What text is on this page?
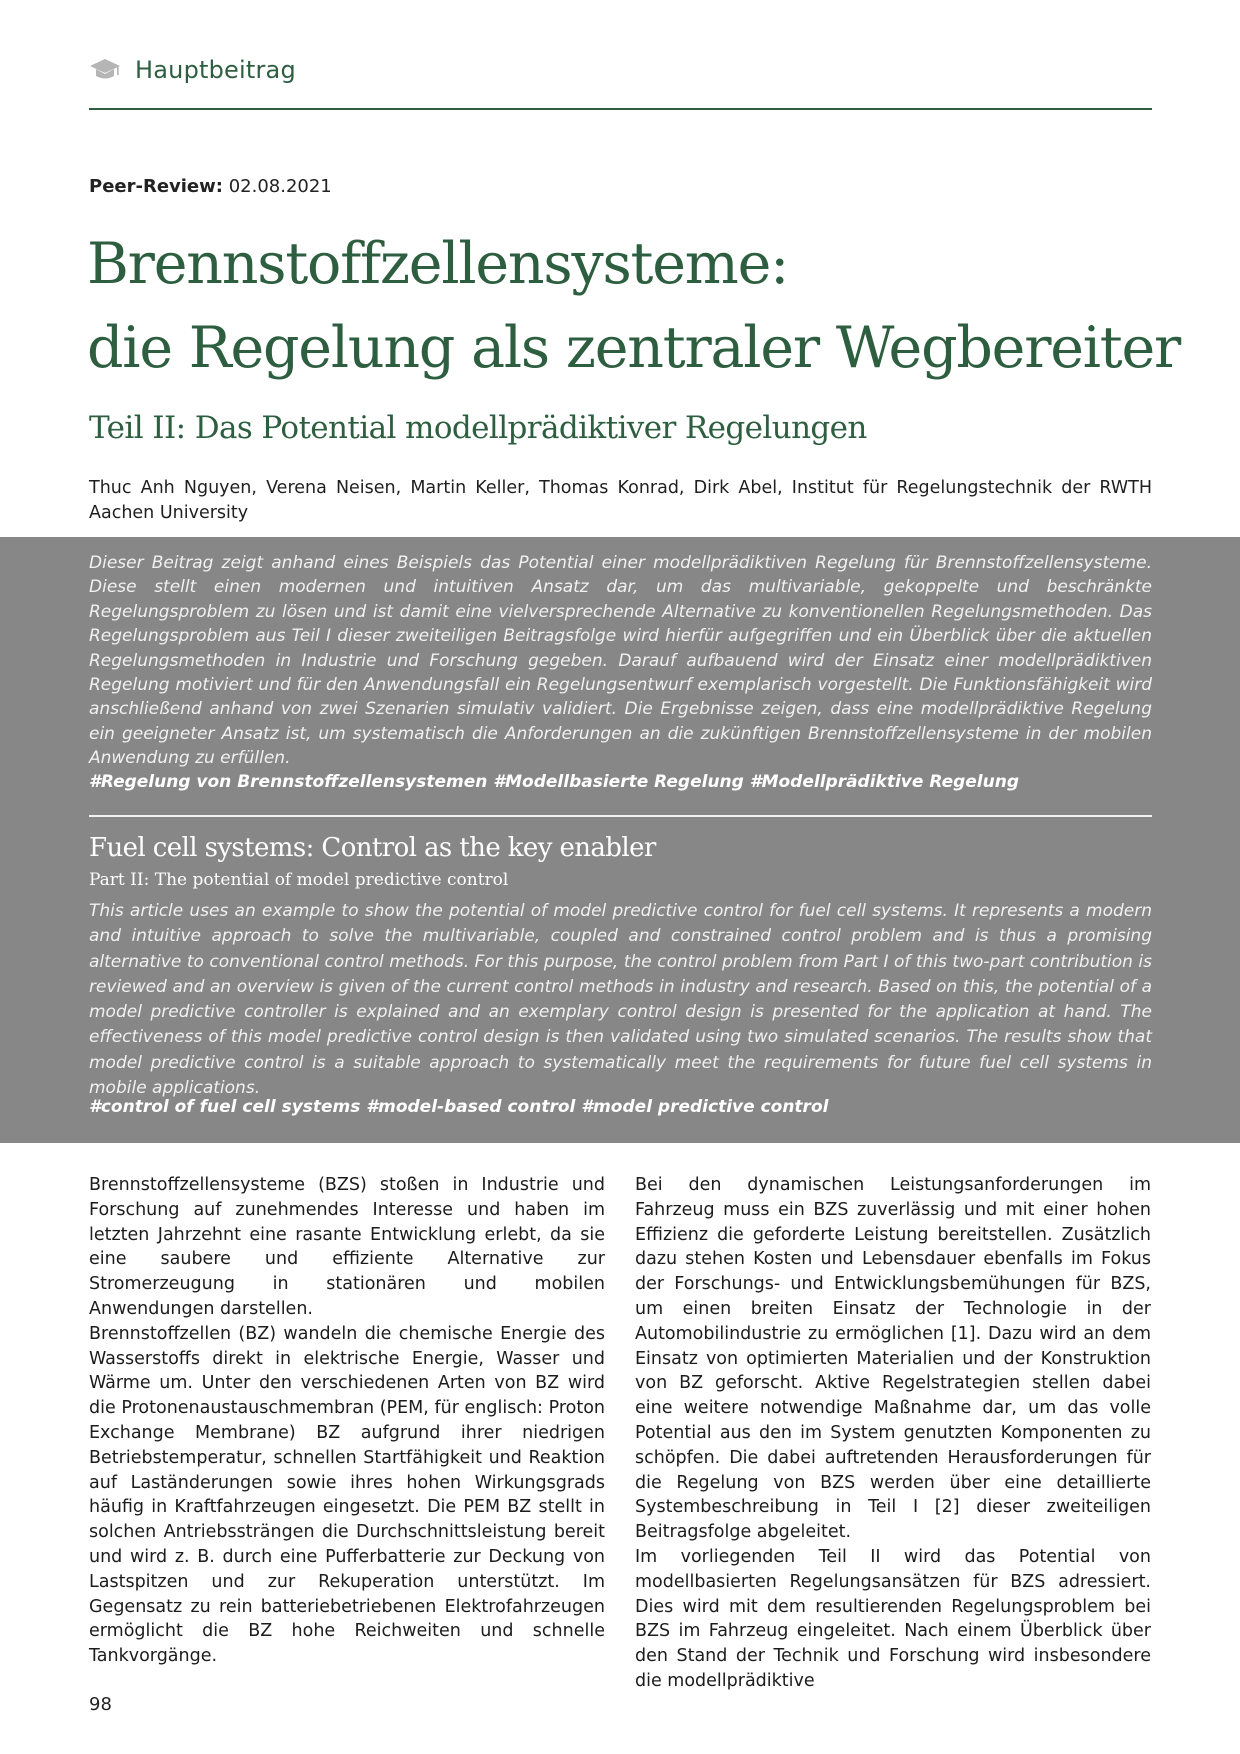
Hauptbeitrag
Peer-Review: 02.08.2021
Brennstoffzellensysteme:
die Regelung als zentraler Wegbereiter
Teil II: Das Potential modellprädiktiver Regelungen
Thuc Anh Nguyen, Verena Neisen, Martin Keller, Thomas Konrad, Dirk Abel, Institut für Regelungstechnik der RWTH Aachen University

Dieser Beitrag zeigt anhand eines Beispiels das Potential einer modellprädiktiven Regelung für Brennstoffzellensysteme. Diese stellt einen modernen und intuitiven Ansatz dar, um das multivariable, gekoppelte und beschränkte Regelungsproblem zu lösen und ist damit eine vielversprechende Alternative zu konventionellen Regelungsmethoden. Das Regelungsproblem aus Teil I dieser zweiteiligen Beitragsfolge wird hierfür aufgegriffen und ein Überblick über die aktuellen Regelungsmethoden in Industrie und Forschung gegeben. Darauf aufbauend wird der Einsatz einer modellprädiktiven Regelung motiviert und für den Anwendungsfall ein Regelungsentwurf exemplarisch vorgestellt. Die Funktionsfähigkeit wird anschließend anhand von zwei Szenarien simulativ validiert. Die Ergebnisse zeigen, dass eine modellprädiktive Regelung ein geeigneter Ansatz ist, um systematisch die Anforderungen an die zukünftigen Brennstoffzellensysteme in der mobilen Anwendung zu erfüllen.

#Regelung von Brennstoffzellensystemen #Modellbasierte Regelung #Modellprädiktive Regelung

Fuel cell systems: Control as the key enabler
Part II: The potential of model predictive control

This article uses an example to show the potential of model predictive control for fuel cell systems. It represents a modern and intuitive approach to solve the multivariable, coupled and constrained control problem and is thus a promising alternative to conventional control methods. For this purpose, the control problem from Part I of this two-part contribution is reviewed and an overview is given of the current control methods in industry and research. Based on this, the potential of a model predictive controller is explained and an exemplary control design is presented for the application at hand. The effectiveness of this model predictive control design is then validated using two simulated scenarios. The results show that model predictive control is a suitable approach to systematically meet the requirements for future fuel cell systems in mobile applications.

#control of fuel cell systems #model-based control #model predictive control

Brennstoffzellensysteme (BZS) stoßen in Industrie und Forschung auf zunehmendes Interesse und haben im letzten Jahrzehnt eine rasante Entwicklung erlebt, da sie eine saubere und effiziente Alternative zur Stromerzeugung in stationären und mobilen Anwendungen darstellen.

Brennstoffzellen (BZ) wandeln die chemische Energie des Wasserstoffs direkt in elektrische Energie, Wasser und Wärme um. Unter den verschiedenen Arten von BZ wird die Protonenaustauschmembran (PEM, für englisch: Proton Exchange Membrane) BZ aufgrund ihrer niedrigen Betriebstemperatur, schnellen Startfähigkeit und Reaktion auf Laständerungen sowie ihres hohen Wirkungsgrads häufig in Kraftfahrzeugen eingesetzt. Die PEM BZ stellt in solchen Antriebssträngen die Durchschnittsleistung bereit und wird z. B. durch eine Pufferbatterie zur Deckung von Lastspitzen und zur Rekuperation unterstützt. Im Gegensatz zu rein batteriebetriebenen Elektrofahrzeugen ermöglicht die BZ hohe Reichweiten und schnelle Tankvorgänge.

Bei den dynamischen Leistungsanforderungen im Fahrzeug muss ein BZS zuverlässig und mit einer hohen Effizienz die geforderte Leistung bereitstellen. Zusätzlich dazu stehen Kosten und Lebensdauer ebenfalls im Fokus der Forschungs- und Entwicklungsbemühungen für BZS, um einen breiten Einsatz der Technologie in der Automobilindustrie zu ermöglichen [1]. Dazu wird an dem Einsatz von optimierten Materialien und der Konstruktion von BZ geforscht. Aktive Regelstrategien stellen dabei eine weitere notwendige Maßnahme dar, um das volle Potential aus den im System genutzten Komponenten zu schöpfen. Die dabei auftretenden Herausforderungen für die Regelung von BZS werden über eine detaillierte Systembeschreibung in Teil I [2] dieser zweiteiligen Beitragsfolge abgeleitet.

Im vorliegenden Teil II wird das Potential von modellbasierten Regelungsansätzen für BZS adressiert. Dies wird mit dem resultierenden Regelungsproblem bei BZS im Fahrzeug eingeleitet. Nach einem Überblick über den Stand der Technik und Forschung wird insbesondere die modellprädiktive

98
